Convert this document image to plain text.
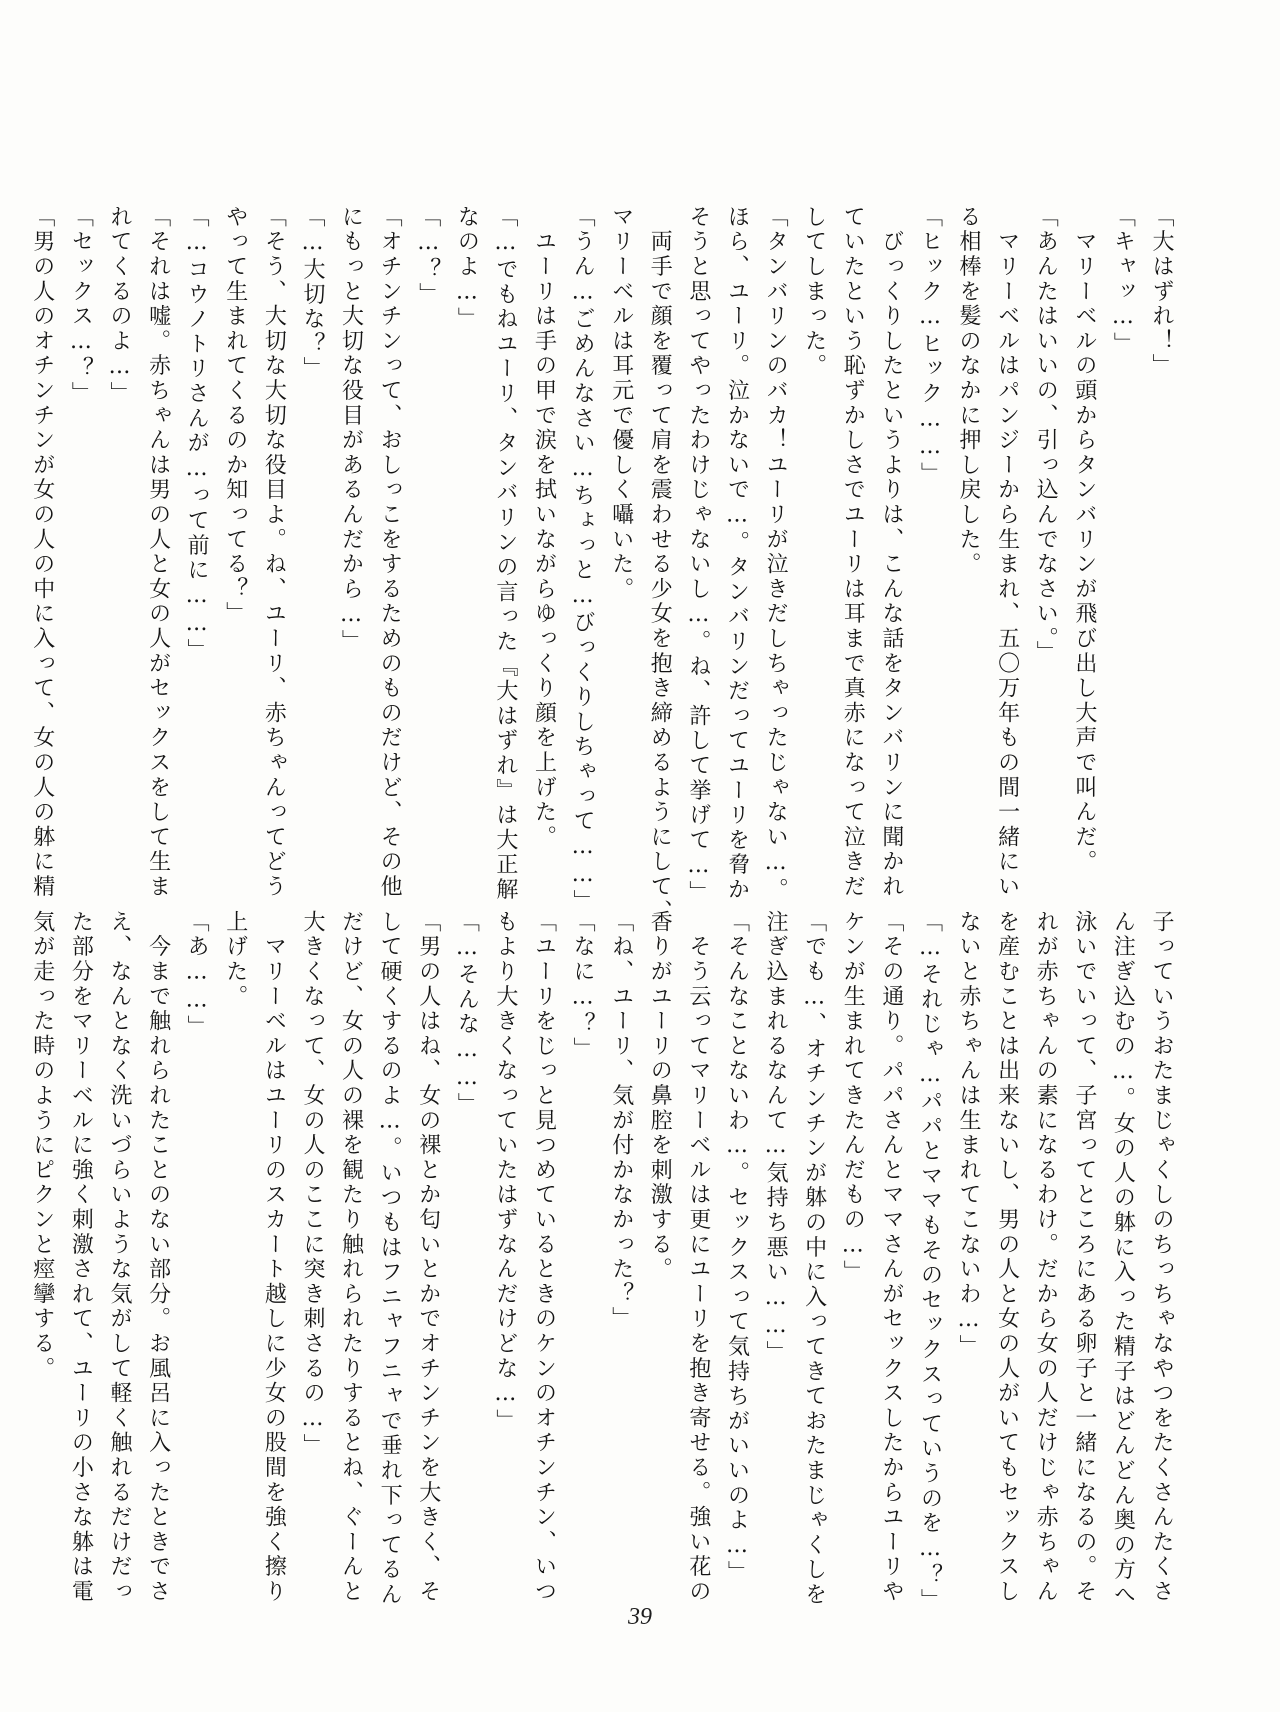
「大はずれ！」
「キャッ…」
　マリーベルの頭からタンバリンが飛び出し大声で叫んだ。
「あんたはいいの、引っ込んでなさい。」
　マリーベルはパンジーから生まれ、五〇万年もの間一緒にい
る相棒を髪のなかに押し戻した。
「ヒック…ヒック……」
　びっくりしたというよりは、こんな話をタンバリンに聞かれ
ていたという恥ずかしさでユーリは耳まで真赤になって泣きだ
してしまった。
「タンバリンのバカ！ユーリが泣きだしちゃったじゃない…。
ほら、ユーリ。泣かないで…。タンバリンだってユーリを脅か
そうと思ってやったわけじゃないし…。ね、許して挙げて…」
　両手で顔を覆って肩を震わせる少女を抱き締めるようにして、
マリーベルは耳元で優しく囁いた。
「うん…ごめんなさい…ちょっと…びっくりしちゃって……」
　ユーリは手の甲で涙を拭いながらゆっくり顔を上げた。
「…でもねユーリ、タンバリンの言った『大はずれ』は大正解
なのよ…」
「…？」
「オチンチンって、おしっこをするためのものだけど、その他
にもっと大切な役目があるんだから…」
「…大切な？」
「そう、大切な大切な役目よ。ね、ユーリ、赤ちゃんってどう
やって生まれてくるのか知ってる？」
「…コウノトリさんが…って前に……」
「それは嘘。赤ちゃんは男の人と女の人がセックスをして生ま
れてくるのよ…」
「セックス…？」
「男の人のオチンチンが女の人の中に入って、女の人の躰に精
子っていうおたまじゃくしのちっちゃなやつをたくさんたくさ
ん注ぎ込むの…。女の人の躰に入った精子はどんどん奥の方へ
泳いでいって、子宮ってところにある卵子と一緒になるの。そ
れが赤ちゃんの素になるわけ。だから女の人だけじゃ赤ちゃん
を産むことは出来ないし、男の人と女の人がいてもセックスし
ないと赤ちゃんは生まれてこないわ…」
「…それじゃ…パパとママもそのセックスっていうのを…？」
「その通り。パパさんとママさんがセックスしたからユーリや
ケンが生まれてきたんだもの…」
「でも…、オチンチンが躰の中に入ってきておたまじゃくしを
注ぎ込まれるなんて…気持ち悪い……」
「そんなことないわ…。セックスって気持ちがいいのよ…」
　そう云ってマリーベルは更にユーリを抱き寄せる。強い花の
香りがユーリの鼻腔を刺激する。
「ね、ユーリ、気が付かなかった？」
「なに…？」
「ユーリをじっと見つめているときのケンのオチンチン、いつ
もより大きくなっていたはずなんだけどな…」
「…そんな……」
「男の人はね、女の裸とか匂いとかでオチンチンを大きく、そ
して硬くするのよ…。いつもはフニャフニャで垂れ下ってるん
だけど、女の人の裸を観たり触れられたりするとね、ぐーんと
大きくなって、女の人のここに突き刺さるの…」
　マリーベルはユーリのスカート越しに少女の股間を強く擦り
上げた。
「あ……」
　今まで触れられたことのない部分。お風呂に入ったときでさ
え、なんとなく洗いづらいような気がして軽く触れるだけだっ
た部分をマリーベルに強く刺激されて、ユーリの小さな躰は電
気が走った時のようにピクンと痙攣する。
39
